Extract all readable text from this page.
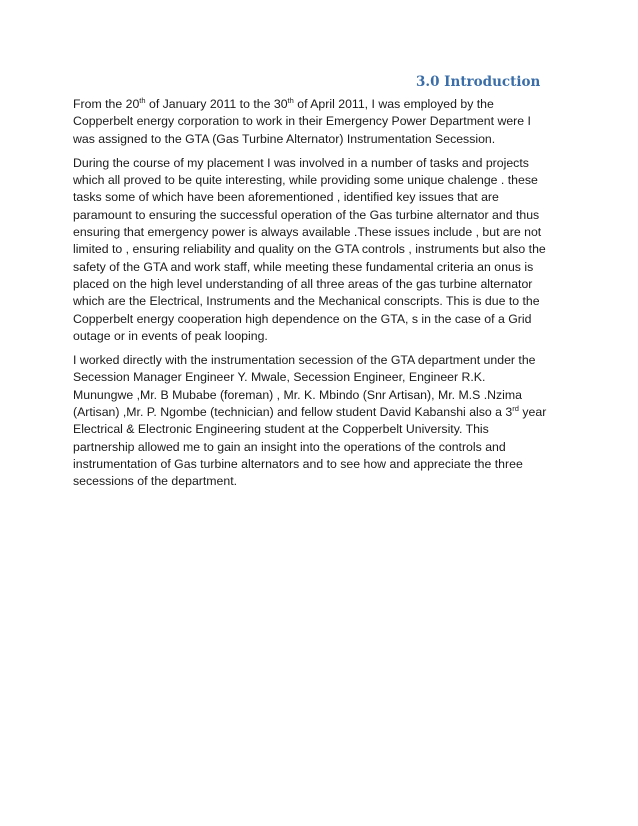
3.0 Introduction

From the 20th of January 2011 to the 30th of April 2011, I was employed by the
Copperbelt energy corporation to work in their Emergency Power Department were I
was assigned to the GTA (Gas Turbine Alternator) Instrumentation Secession.

During the course of my placement I was involved in a number of tasks and projects
which all proved to be quite interesting, while providing some unique chalenge . these
tasks some of which have been aforementioned , identified key issues that are
paramount to ensuring the successful operation of the Gas turbine alternator and thus
ensuring that emergency power is always available .These issues include , but are not
limited to , ensuring reliability and quality on the GTA controls , instruments but also the
safety of the GTA and work staff, while meeting these fundamental criteria an onus is
placed on the high level understanding of all three areas of the gas turbine alternator
which are the Electrical, Instruments and the Mechanical conscripts. This is due to the
Copperbelt energy cooperation high dependence on the GTA, s in the case of a Grid
outage or in events of peak looping.

I worked directly with the instrumentation secession of the GTA department under the
Secession Manager Engineer Y. Mwale, Secession Engineer, Engineer R.K.
Munungwe ,Mr. B Mubabe (foreman) , Mr. K. Mbindo (Snr Artisan), Mr. M.S .Nzima
(Artisan) ,Mr. P. Ngombe (technician) and fellow student David Kabanshi also a 3rd year
Electrical & Electronic Engineering student at the Copperbelt University. This
partnership allowed me to gain an insight into the operations of the controls and
instrumentation of Gas turbine alternators and to see how and appreciate the three
secessions of the department.
